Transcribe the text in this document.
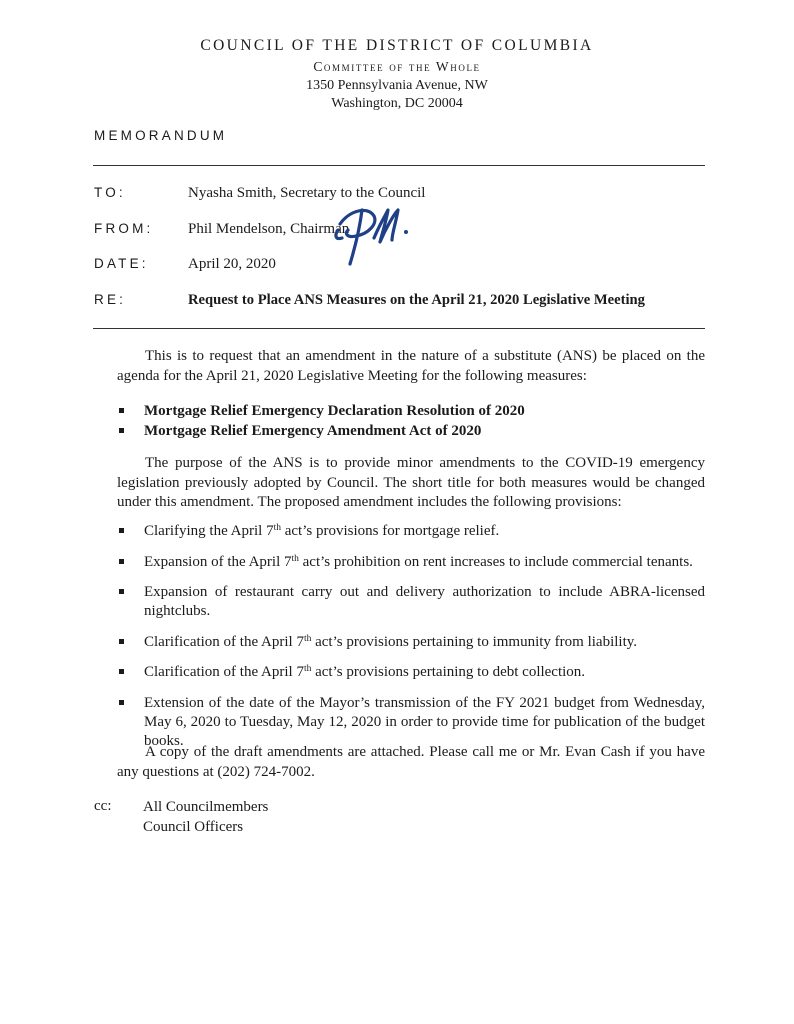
COUNCIL OF THE DISTRICT OF COLUMBIA
Committee of the Whole
1350 Pennsylvania Avenue, NW
Washington, DC 20004
MEMORANDUM
TO:	Nyasha Smith, Secretary to the Council
FROM: Phil Mendelson, Chairman
DATE:	April 20, 2020
RE:	Request to Place ANS Measures on the April 21, 2020 Legislative Meeting

This is to request that an amendment in the nature of a substitute (ANS) be placed on the agenda for the April 21, 2020 Legislative Meeting for the following measures:

Mortgage Relief Emergency Declaration Resolution of 2020
Mortgage Relief Emergency Amendment Act of 2020

The purpose of the ANS is to provide minor amendments to the COVID-19 emergency legislation previously adopted by Council. The short title for both measures would be changed under this amendment. The proposed amendment includes the following provisions:

Clarifying the April 7th act’s provisions for mortgage relief.
Expansion of the April 7th act’s prohibition on rent increases to include commercial tenants.
Expansion of restaurant carry out and delivery authorization to include ABRA-licensed nightclubs.
Clarification of the April 7th act’s provisions pertaining to immunity from liability.
Clarification of the April 7th act’s provisions pertaining to debt collection.
Extension of the date of the Mayor’s transmission of the FY 2021 budget from Wednesday, May 6, 2020 to Tuesday, May 12, 2020 in order to provide time for publication of the budget books.

A copy of the draft amendments are attached. Please call me or Mr. Evan Cash if you have any questions at (202) 724-7002.

cc: All Councilmembers
Council Officers
